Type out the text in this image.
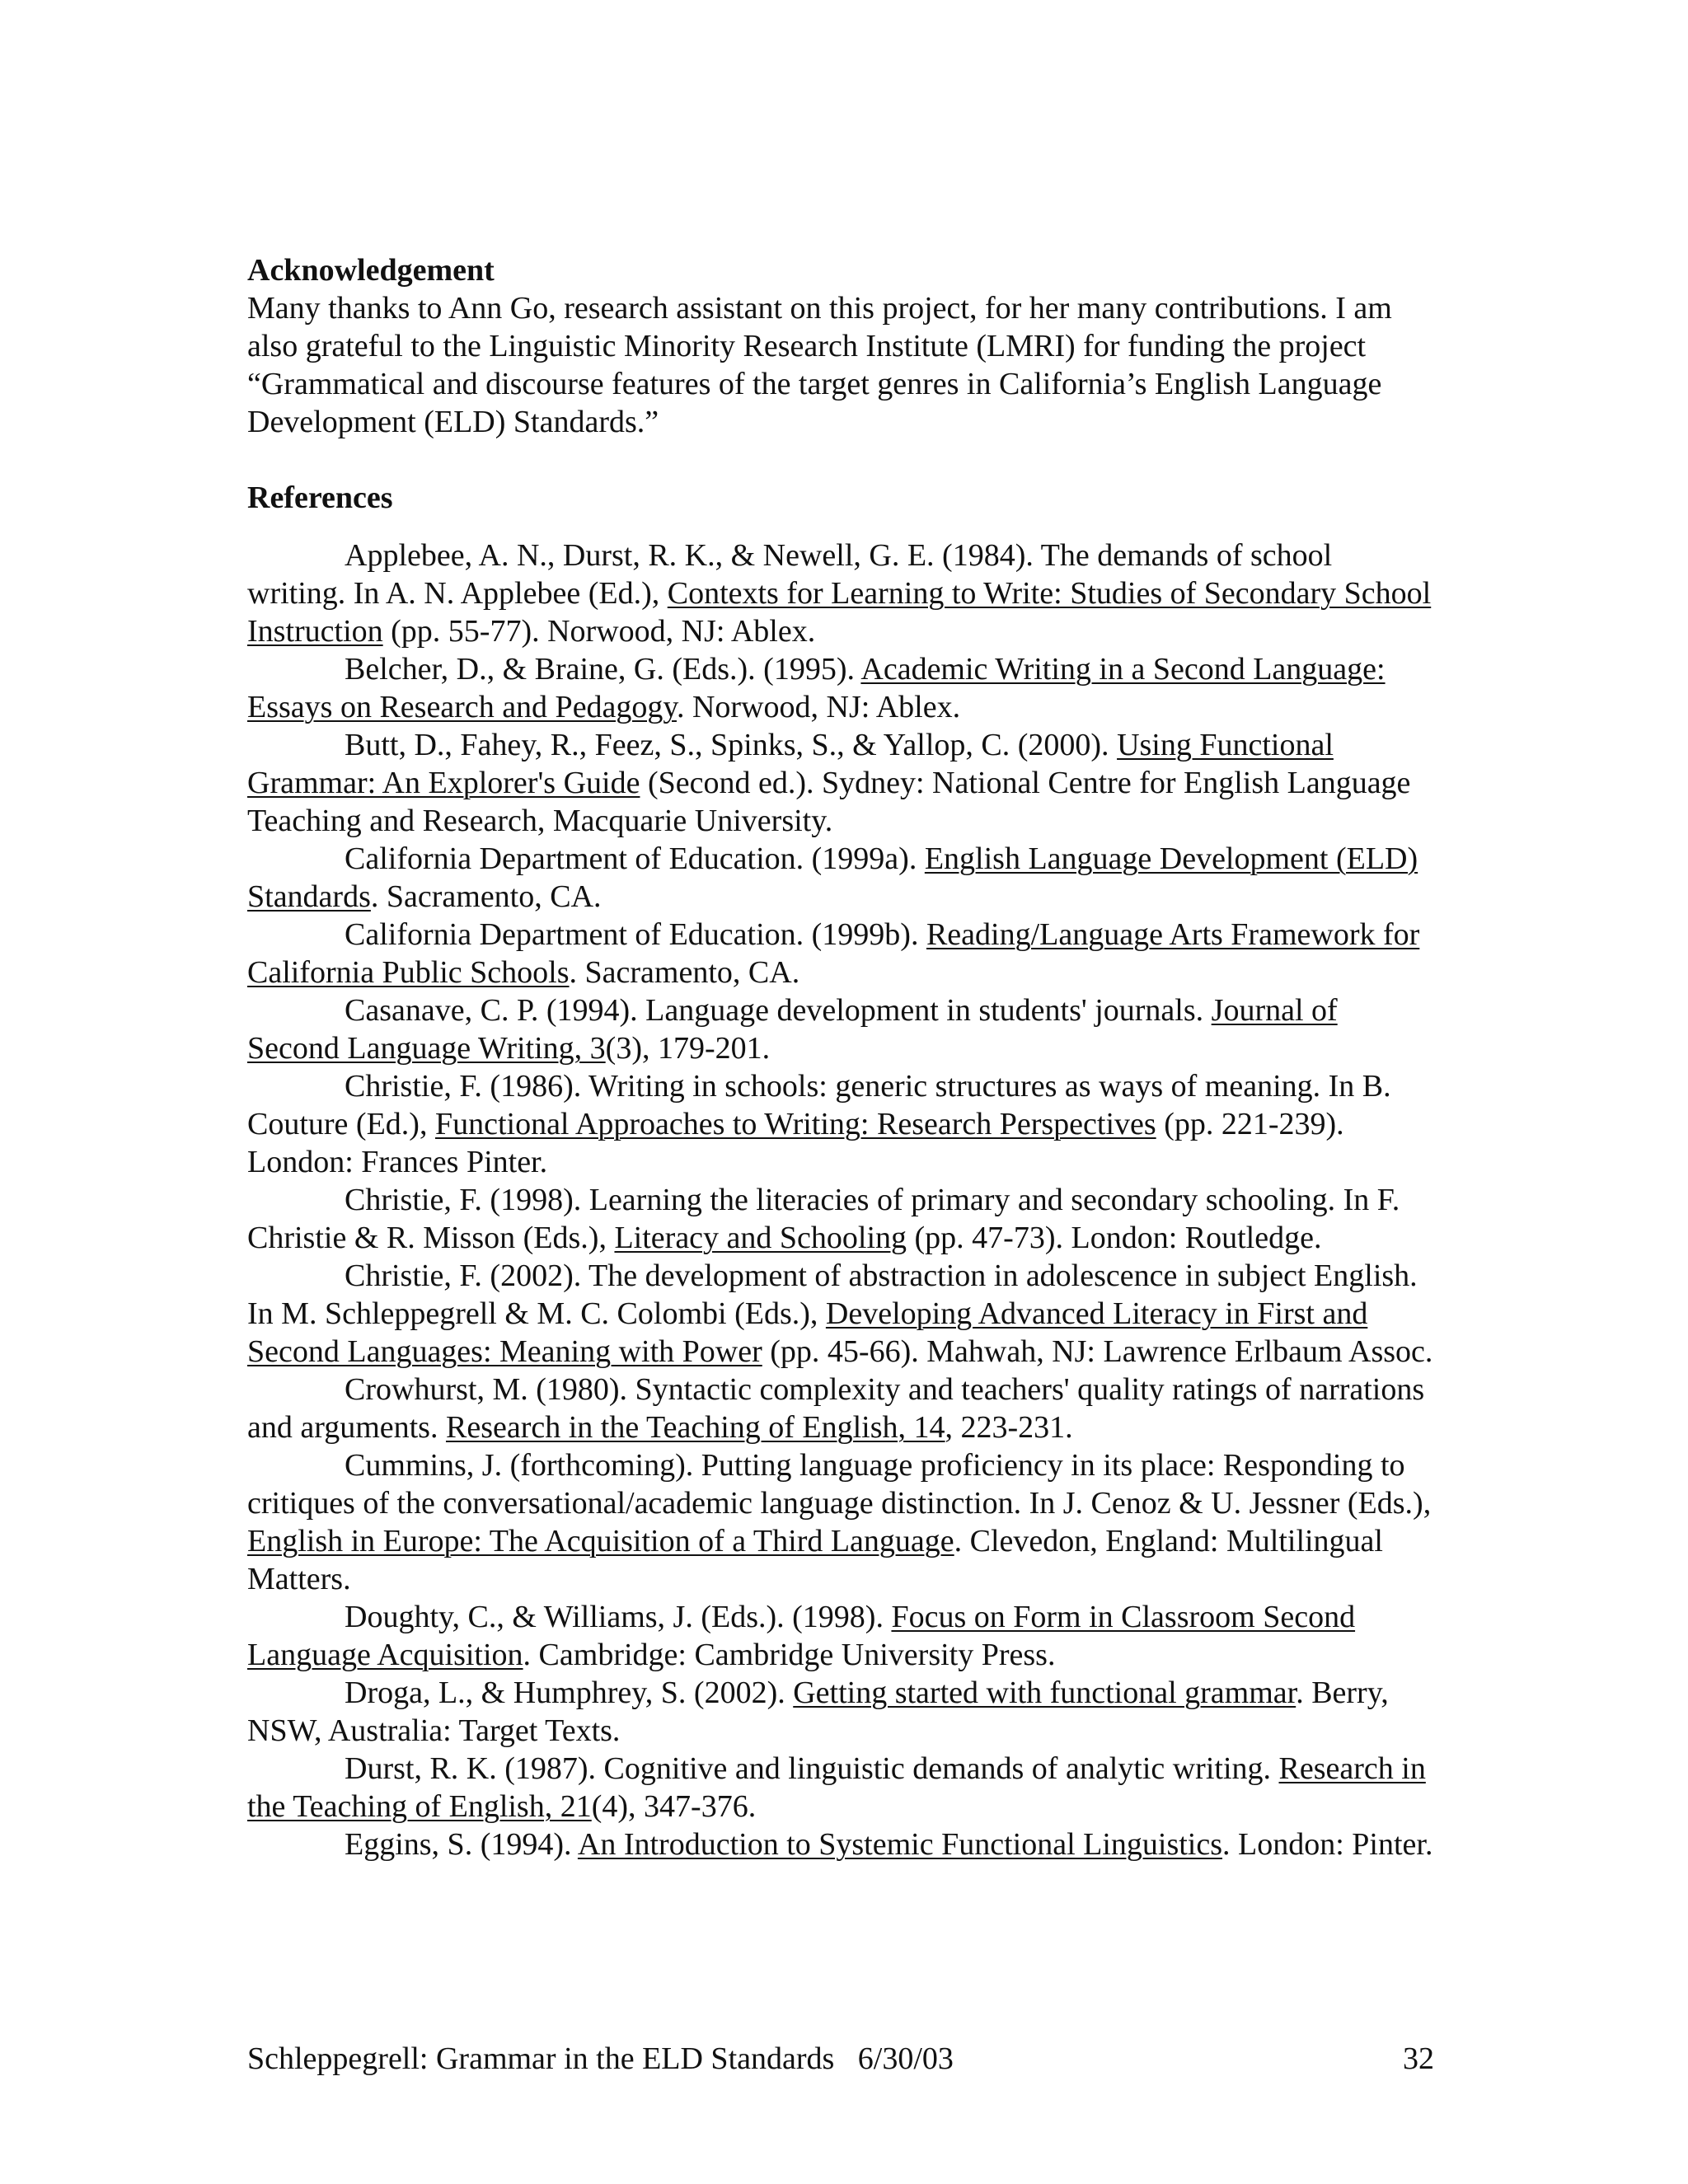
Acknowledgement

Many thanks to Ann Go, research assistant on this project, for her many contributions. I am also grateful to the Linguistic Minority Research Institute (LMRI) for funding the project “Grammatical and discourse features of the target genres in California’s English Language Development (ELD) Standards.”

References

Applebee, A. N., Durst, R. K., & Newell, G. E. (1984). The demands of school writing. In A. N. Applebee (Ed.), Contexts for Learning to Write: Studies of Secondary School Instruction (pp. 55-77). Norwood, NJ: Ablex.

Belcher, D., & Braine, G. (Eds.). (1995). Academic Writing in a Second Language: Essays on Research and Pedagogy. Norwood, NJ: Ablex.

Butt, D., Fahey, R., Feez, S., Spinks, S., & Yallop, C. (2000). Using Functional Grammar: An Explorer's Guide (Second ed.). Sydney: National Centre for English Language Teaching and Research, Macquarie University.

California Department of Education. (1999a). English Language Development (ELD) Standards. Sacramento, CA.

California Department of Education. (1999b). Reading/Language Arts Framework for California Public Schools. Sacramento, CA.

Casanave, C. P. (1994). Language development in students' journals. Journal of Second Language Writing, 3(3), 179-201.

Christie, F. (1986). Writing in schools: generic structures as ways of meaning. In B. Couture (Ed.), Functional Approaches to Writing: Research Perspectives (pp. 221-239). London: Frances Pinter.

Christie, F. (1998). Learning the literacies of primary and secondary schooling. In F. Christie & R. Misson (Eds.), Literacy and Schooling (pp. 47-73). London: Routledge.

Christie, F. (2002). The development of abstraction in adolescence in subject English. In M. Schleppegrell & M. C. Colombi (Eds.), Developing Advanced Literacy in First and Second Languages: Meaning with Power (pp. 45-66). Mahwah, NJ: Lawrence Erlbaum Assoc.

Crowhurst, M. (1980). Syntactic complexity and teachers' quality ratings of narrations and arguments. Research in the Teaching of English, 14, 223-231.

Cummins, J. (forthcoming). Putting language proficiency in its place: Responding to critiques of the conversational/academic language distinction. In J. Cenoz & U. Jessner (Eds.), English in Europe: The Acquisition of a Third Language. Clevedon, England: Multilingual Matters.

Doughty, C., & Williams, J. (Eds.). (1998). Focus on Form in Classroom Second Language Acquisition. Cambridge: Cambridge University Press.

Droga, L., & Humphrey, S. (2002). Getting started with functional grammar. Berry, NSW, Australia: Target Texts.

Durst, R. K. (1987). Cognitive and linguistic demands of analytic writing. Research in the Teaching of English, 21(4), 347-376.

Eggins, S. (1994). An Introduction to Systemic Functional Linguistics. London: Pinter.

Schleppegrell: Grammar in the ELD Standards   6/30/03	32
